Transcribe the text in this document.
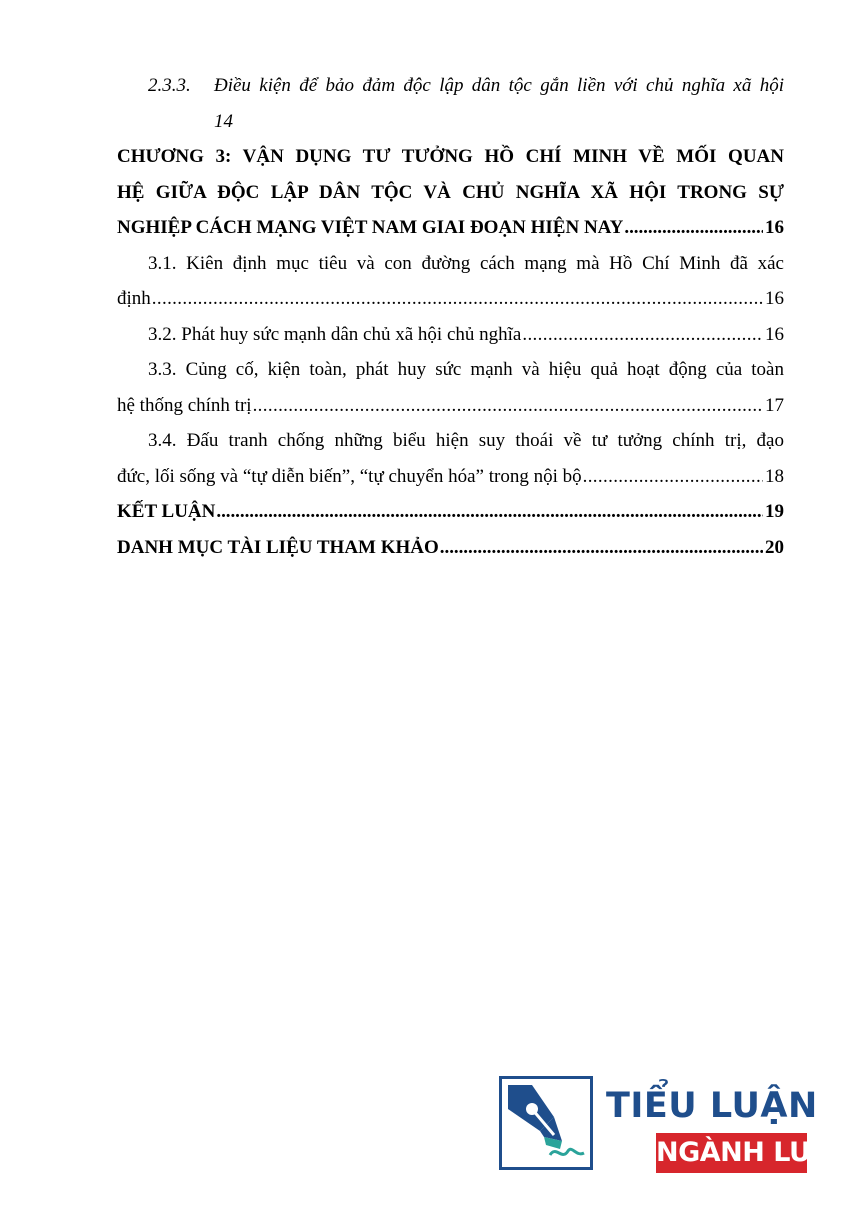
2.3.3.	Điều kiện để bảo đảm độc lập dân tộc gắn liền với chủ nghĩa xã hội
14
CHƯƠNG 3: VẬN DỤNG TƯ TƯỞNG HỒ CHÍ MINH VỀ MỐI QUAN
HỆ GIỮA ĐỘC LẬP DÂN TỘC VÀ CHỦ NGHĨA XÃ HỘI TRONG SỰ
NGHIỆP CÁCH MẠNG VIỆT NAM GIAI ĐOẠN HIỆN NAY . . .	16
3.1. Kiên định mục tiêu và con đường cách mạng mà Hồ Chí Minh đã xác
định . . .	16
3.2. Phát huy sức mạnh dân chủ xã hội chủ nghĩa . . .	16
3.3. Củng cố, kiện toàn, phát huy sức mạnh và hiệu quả hoạt động của toàn
hệ thống chính trị . . .	17
3.4. Đấu tranh chống những biểu hiện suy thoái về tư tưởng chính trị, đạo
đức, lối sống và “tự diễn biến”, “tự chuyển hóa” trong nội bộ . . .	18
KẾT LUẬN . . .	19
DANH MỤC TÀI LIỆU THAM KHẢO . . .	20
TIỂU LUẬN
NGÀNH LUẬT
